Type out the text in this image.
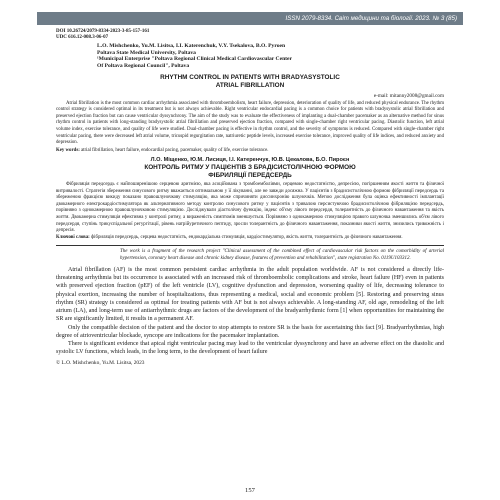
ISSN 2079-8334. Світ медицини та біології. 2023. № 3 (85)
DOI 10.26724/2079-8334-2023-3-85-157-161
UDC 616.12-008.3-06-07
L.O. Mishchenko, Yu.M. Lisitsa, I.I. Katerenchuk, V.Y. Tsekalova, B.O. Pyroen
Poltava State Medical University, Poltava
¹Municipal Enterprise "Poltava Regional Clinical Medical Cardiovascular Center
Of Poltava Regional Council", Poltava
RHYTHM CONTROL IN PATIENTS WITH BRADYASYSTOLIC
ATRIAL FIBRILLATION
e-mail: mitanny2008@gmail.com

Atrial fibrillation is the most common cardiac arrhythmia associated with thromboembolism, heart failure, depression, deterioration of quality of life, and reduced physical endurance. The rhythm control strategy is considered optimal in its treatment but is not always achievable. Right ventricular endocardial pacing is a common choice for patients with bradysystolic atrial fibrillation and preserved ejection fraction but can cause ventricular dyssynchrony. The aim of the study was to evaluate the effectiveness of implanting a dual-chamber pacemaker as an alternative method for sinus rhythm control in patients with long-standing bradysystolic atrial fibrillation and preserved ejection fraction, compared with single-chamber right ventricular pacing. Diastolic function, left atrial volume index, exercise tolerance, and quality of life were studied. Dual-chamber pacing is effective in rhythm control, and the severity of symptoms is reduced. Compared with single-chamber right ventricular pacing, there were decreased left atrial volume, tricuspid regurgitation rate, natriuretic peptide levels, increased exercise tolerance, improved quality of life indices, and reduced anxiety and depression.

Key words: atrial fibrillation, heart failure, endocardial pacing, pacemaker, quality of life, exercise tolerance.
Л.О. Міщенко, Ю.М. Лисиця, І.І. Катеренчук, Ю.В. Цекалова, Б.О. Пироєн
КОНТРОЛЬ РИТМУ У ПАЦІЄНТІВ З БРАДІСИСТОЛІЧНОЮ ФОРМОЮ
ФІБРИЛЯЦІЇ ПЕРЕДСЕРДЬ

Фібриляція передсердь є найпоширенішою серцевою аритмією, яка асоційована з тромбоемболіями, серцевою недостатністю, депресією, погіршенням якості життя та фізичної витривалості. Стратегія збереження синусового ритму вважається оптимальною у її лікуванні, але не завжди досяжна. У пацієнтів з брадисистолічною формою фібриляції передсердь та збереженою фракцією викиду показано правошлуночкову стимуляцію, яка може спричиняти диссинхронію шлуночків. Метою дослідження була оцінка ефективності імплантації двокамерного електрокардіостимулятора як альтернативного методу контролю синусового ритму у пацієнтів з тривалою персистуючою брадисистолічною фібриляцією передсердь, порівняно з однокамерною правошлуночковою стимуляцією. Досліджували діастолічну функцію, індекс об'єму лівого передсердя, толерантність до фізичного навантаження та якість життя. Двокамерна стимуляція ефективна у контролі ритму, а вираженість симптомів зменшується. Порівняно з однокамерною стимуляцією правого шлуночка зменшились об'єм лівого передсердя, ступінь трикуспідальної регургітації, рівень натрійуретичного пептиду, зросли толерантність до фізичного навантаження, показники якості життя, знизились тривожність і депресія.

Ключові слова: фібриляція передсердь, серцева недостатність, ендокардіальна стимуляція, кардіостимулятор, якість життя, толерантність до фізичного навантаження.
The work is a fragment of the research project "Clinical assessment of the combined effect of cardiovascular risk factors on the comorbidity of arterial hypertension, coronary heart disease and chronic kidney disease, features of prevention and rehabilitation", state registration No. 0119U103312.

Atrial fibrillation (AF) is the most common persistent cardiac arrhythmia in the adult population worldwide. AF is not considered a directly life-threatening arrhythmia but its occurrence is associated with an increased risk of thromboembolic complications and stroke, heart failure (HF) even in patients with preserved ejection fraction (pEF) of the left ventricle (LV), cognitive dysfunction and depression, worsening quality of life, decreasing tolerance to physical exertion, increasing the number of hospitalizations, thus representing a medical, social and economic problem [5]. Restoring and preserving sinus rhythm (SR) strategy is considered as optimal for treating patients with AF but is not always achievable. A long-standing AF, old age, remodeling of the left atrium (LA), and long-term use of antiarrhythmic drugs are factors of the development of the bradyarrhythmic form [1] when opportunities for maintaining the SR are significantly limited, it results in a permanent AF.

Only the compatible decision of the patient and the doctor to stop attempts to restore SR is the basis for ascertaining this fact [9]. Bradyarrhythmias, high degree of atrioventricular blockade, syncope are indications for the pacemaker implantation.

There is significant evidence that apical right ventricular pacing may lead to the ventricular dyssynchrony and have an adverse effect on the diastolic and systolic LV functions, which leads, in the long term, to the development of heart failure

© L.O. Mishchenko, Yu.M. Lisitsa, 2023
157
